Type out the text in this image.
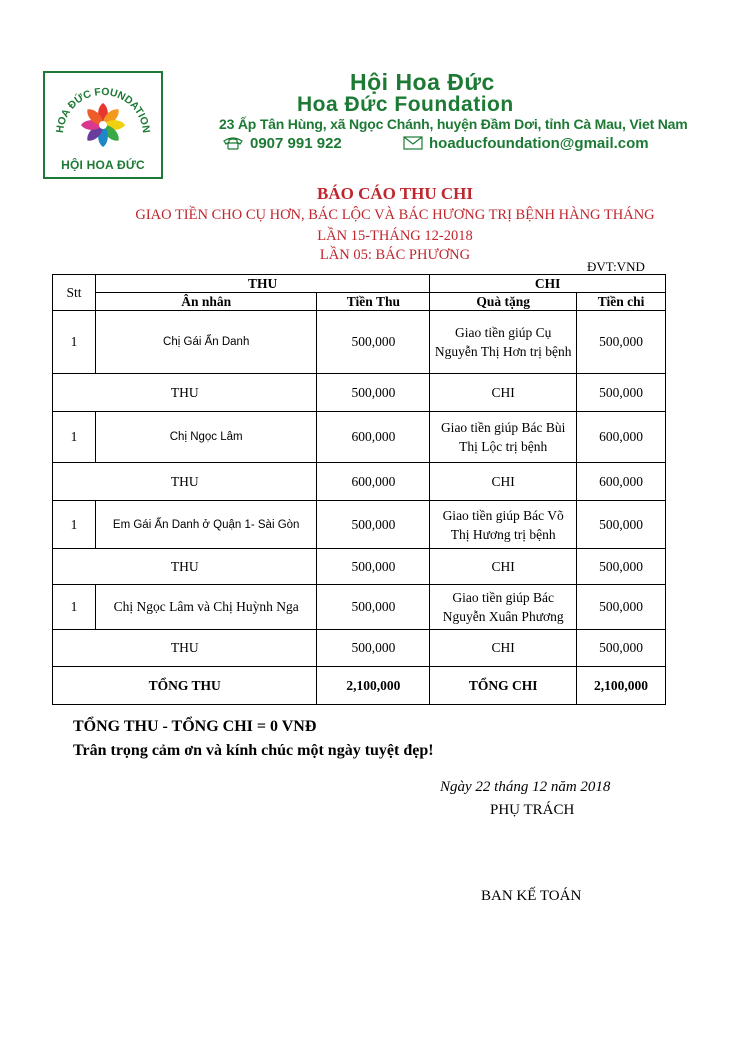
HOA ĐỨC FOUNDATION
HỘI HOA ĐỨC
Hội Hoa Đức
Hoa Đức Foundation
23 Ấp Tân Hùng, xã Ngọc Chánh, huyện Đầm Dơi, tỉnh Cà Mau, Viet Nam
0907 991 922	hoaducfoundation@gmail.com
BÁO CÁO THU CHI
GIAO TIỀN CHO CỤ HƠN, BÁC LỘC VÀ BÁC HƯƠNG TRỊ BỆNH HÀNG THÁNG
LẦN 15-THÁNG 12-2018
LẦN 05: BÁC PHƯƠNG
ĐVT:VND
Stt	THU		CHI	
	Ân nhân	Tiền Thu	Quà tặng	Tiền chi
1	Chị Gái Ẩn Danh	500,000	Giao tiền giúp Cụ Nguyễn Thị Hơn trị bệnh	500,000
THU		500,000	CHI	500,000
1	Chị Ngọc Lâm	600,000	Giao tiền giúp Bác Bùi Thị Lộc trị bệnh	600,000
THU		600,000	CHI	600,000
1	Em Gái Ẩn Danh ở Quận 1- Sài Gòn	500,000	Giao tiền giúp Bác Võ Thị Hương trị bệnh	500,000
THU		500,000	CHI	500,000
1	Chị Ngọc Lâm và Chị Huỳnh Nga	500,000	Giao tiền giúp Bác Nguyễn Xuân Phương	500,000
THU		500,000	CHI	500,000
TỔNG THU		2,100,000	TỔNG CHI	2,100,000
TỔNG THU - TỔNG CHI = 0 VNĐ
Trân trọng cảm ơn và kính chúc một ngày tuyệt đẹp!
Ngày 22 tháng 12 năm 2018
PHỤ TRÁCH
BAN KẾ TOÁN
